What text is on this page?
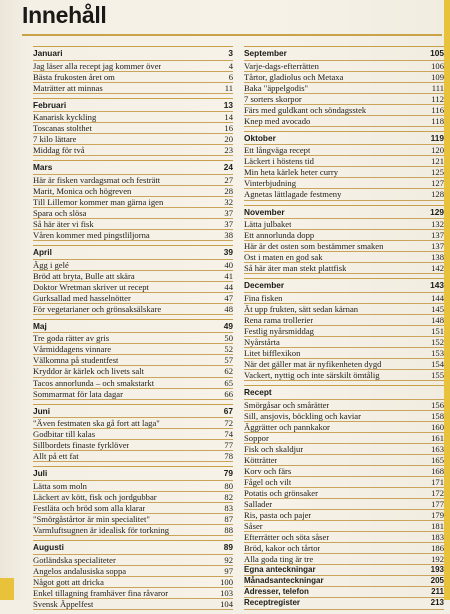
Innehåll
Januari	3
Jag läser alla recept jag kommer över	4
Bästa frukosten året om	6
Maträtter att minnas	11
Februari	13
Kanarisk kyckling	14
Toscanas stolthet	16
7 kilo lättare	20
Middag för två	23
Mars	24
Här är fisken vardagsmat och festrätt	27
Marit, Monica och högreven	28
Till Lillemor kommer man gärna igen	32
Spara och slösa	37
Så här äter vi fisk	37
Våren kommer med pingstliljorna	38
April	39
Ägg i gelé	40
Bröd att bryta, Bulle att skära	41
Doktor Wretman skriver ut recept	44
Gurksallad med hasselnötter	47
För vegetarianer och grönsaksälskare	48
Maj	49
Tre goda rätter av gris	50
Vårmiddagens vinnare	52
Välkomna på studentfest	57
Kryddor är kärlek och livets salt	62
Tacos annorlunda – och smakstarkt	65
Sommarmat för lata dagar	66
Juni	67
"Även festmaten ska gå fort att laga"	72
Godbitar till kalas	74
Sillbordets finaste fyrklöver	77
Allt på ett fat	78
Juli	79
Lätta som moln	80
Läckert av kött, fisk och jordgubbar	82
Festläta och bröd som alla klarar	83
"Smörgåstårtor är min specialitet"	87
Varmluftsugnen är idealisk för torkning	88
Augusti	89
Gotländska specialiteter	92
Angelos andalusiska soppa	97
Något gott att dricka	100
Enkel tillagning framhäver fina råvaror	103
Svensk Äppelfest	104
September	105
Varje-dags-efterrätten	106
Tårtor, gladiolus och Metaxa	109
Baka "äppelgodis"	111
7 sorters skorpor	112
Färs med guldkant och söndagsstek	116
Knep med avocado	118
Oktober	119
Ett långväga recept	120
Läckert i höstens tid	121
Min heta kärlek heter curry	125
Vinterbjudning	127
Agnetas lättlagade festmeny	128
November	129
Lätta julbaket	132
Ett annorlunda dopp	137
Här är det osten som bestämmer smaken	137
Ost i maten en god sak	138
Så här äter man stekt plattfisk	142
December	143
Fina fisken	144
Ät upp frukten, sätt sedan kärnan	145
Rena rama trollerier	148
Festlig nyårsmiddag	151
Nyårstårta	152
Litet bifflexikon	153
När det gäller mat är nyfikenheten dygd	154
Vackert, nyttig och inte särskilt ömtålig	155
Recept
Smörgåsar och smårätter	156
Sill, ansjovis, böckling och kaviar	158
Äggrätter och pannkakor	160
Soppor	161
Fisk och skaldjur	163
Kötträtter	165
Korv och färs	168
Fågel och vilt	171
Potatis och grönsaker	172
Sallader	177
Ris, pasta och pajer	179
Såser	181
Efterrätter och söta såser	183
Bröd, kakor och tårtor	186
Alla goda ting är tre	192
Egna anteckningar	193
Månadsanteckningar	205
Adresser, telefon	211
Receptregister	213
